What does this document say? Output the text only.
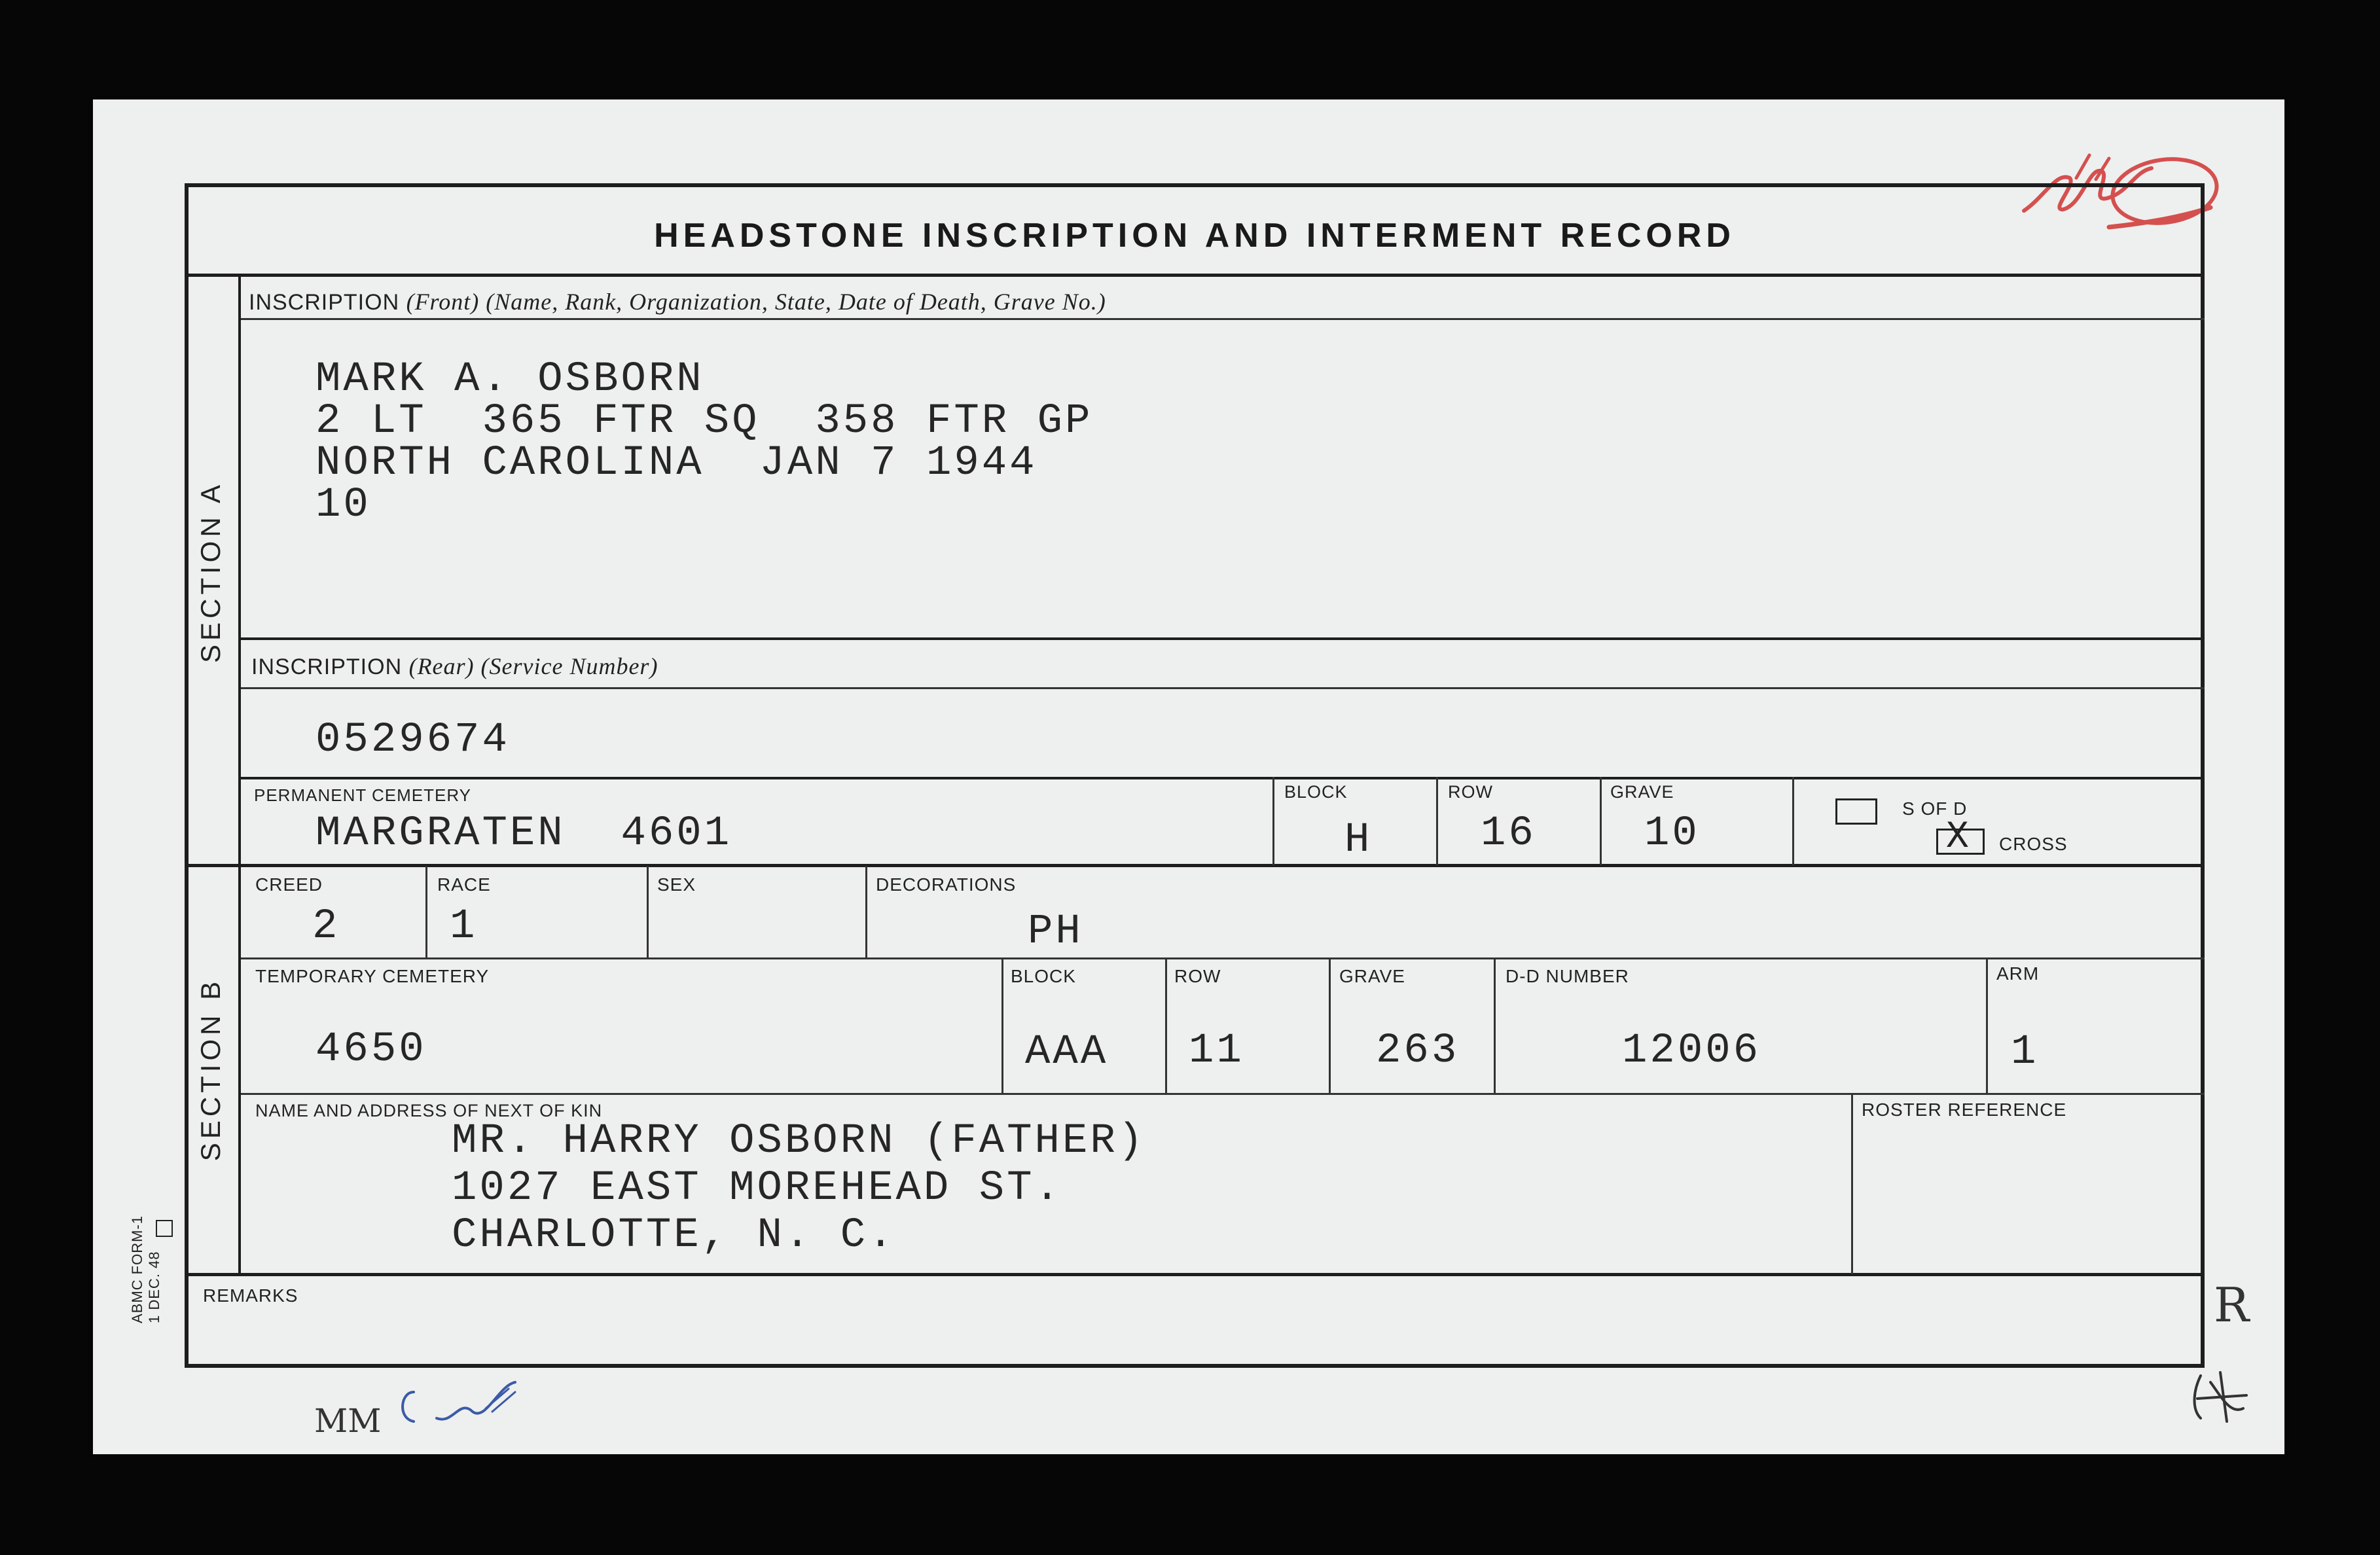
ABMC FORM-1 1 DEC. 48
MM
R
HEADSTONE INSCRIPTION AND INTERMENT RECORD
SECTION A
SECTION B
INSCRIPTION (Front) (Name, Rank, Organization, State, Date of Death, Grave No.)
MARK A. OSBORN
2 LT  365 FTR SQ  358 FTR GP
NORTH CAROLINA  JAN 7 1944
10
INSCRIPTION (Rear) (Service Number)
0529674
PERMANENT CEMETERY
MARGRATEN  4601
BLOCK
H
ROW
16
GRAVE
10
S OF D
X CROSS
CREED
2
RACE
1
SEX	DECORATIONS
PH
TEMPORARY CEMETERY
4650
BLOCK
AAA
ROW
11
GRAVE
263
D-D NUMBER
12006
ARM
1
NAME AND ADDRESS OF NEXT OF KIN
MR. HARRY OSBORN (FATHER)
1027 EAST MOREHEAD ST.
CHARLOTTE, N. C.
ROSTER REFERENCE
REMARKS
